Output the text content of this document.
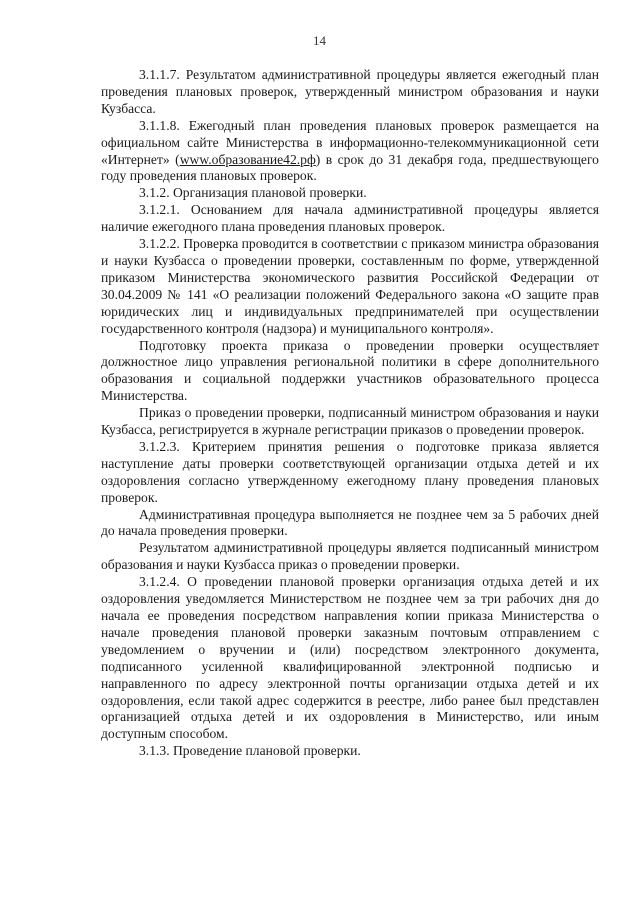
14

3.1.1.7. Результатом административной процедуры является ежегодный план проведения плановых проверок, утвержденный министром образования и науки Кузбасса.

3.1.1.8. Ежегодный план проведения плановых проверок размещается на официальном сайте Министерства в информационно-телекоммуникационной сети «Интернет» (www.образование42.рф) в срок до 31 декабря года, предшествующего году проведения плановых проверок.

3.1.2. Организация плановой проверки.

3.1.2.1. Основанием для начала административной процедуры является наличие ежегодного плана проведения плановых проверок.

3.1.2.2. Проверка проводится в соответствии с приказом министра образования и науки Кузбасса о проведении проверки, составленным по форме, утвержденной приказом Министерства экономического развития Российской Федерации от 30.04.2009 № 141 «О реализации положений Федерального закона «О защите прав юридических лиц и индивидуальных предпринимателей при осуществлении государственного контроля (надзора) и муниципального контроля».

Подготовку проекта приказа о проведении проверки осуществляет должностное лицо управления региональной политики в сфере дополнительного образования и социальной поддержки участников образовательного процесса Министерства.

Приказ о проведении проверки, подписанный министром образования и науки Кузбасса, регистрируется в журнале регистрации приказов о проведении проверок.

3.1.2.3. Критерием принятия решения о подготовке приказа является наступление даты проверки соответствующей организации отдыха детей и их оздоровления согласно утвержденному ежегодному плану проведения плановых проверок.

Административная процедура выполняется не позднее чем за 5 рабочих дней до начала проведения проверки.

Результатом административной процедуры является подписанный министром образования и науки Кузбасса приказ о проведении проверки.

3.1.2.4. О проведении плановой проверки организация отдыха детей и их оздоровления уведомляется Министерством не позднее чем за три рабочих дня до начала ее проведения посредством направления копии приказа Министерства о начале проведения плановой проверки заказным почтовым отправлением с уведомлением о вручении и (или) посредством электронного документа, подписанного усиленной квалифицированной электронной подписью и направленного по адресу электронной почты организации отдыха детей и их оздоровления, если такой адрес содержится в реестре, либо ранее был представлен организацией отдыха детей и их оздоровления в Министерство, или иным доступным способом.

3.1.3. Проведение плановой проверки.
